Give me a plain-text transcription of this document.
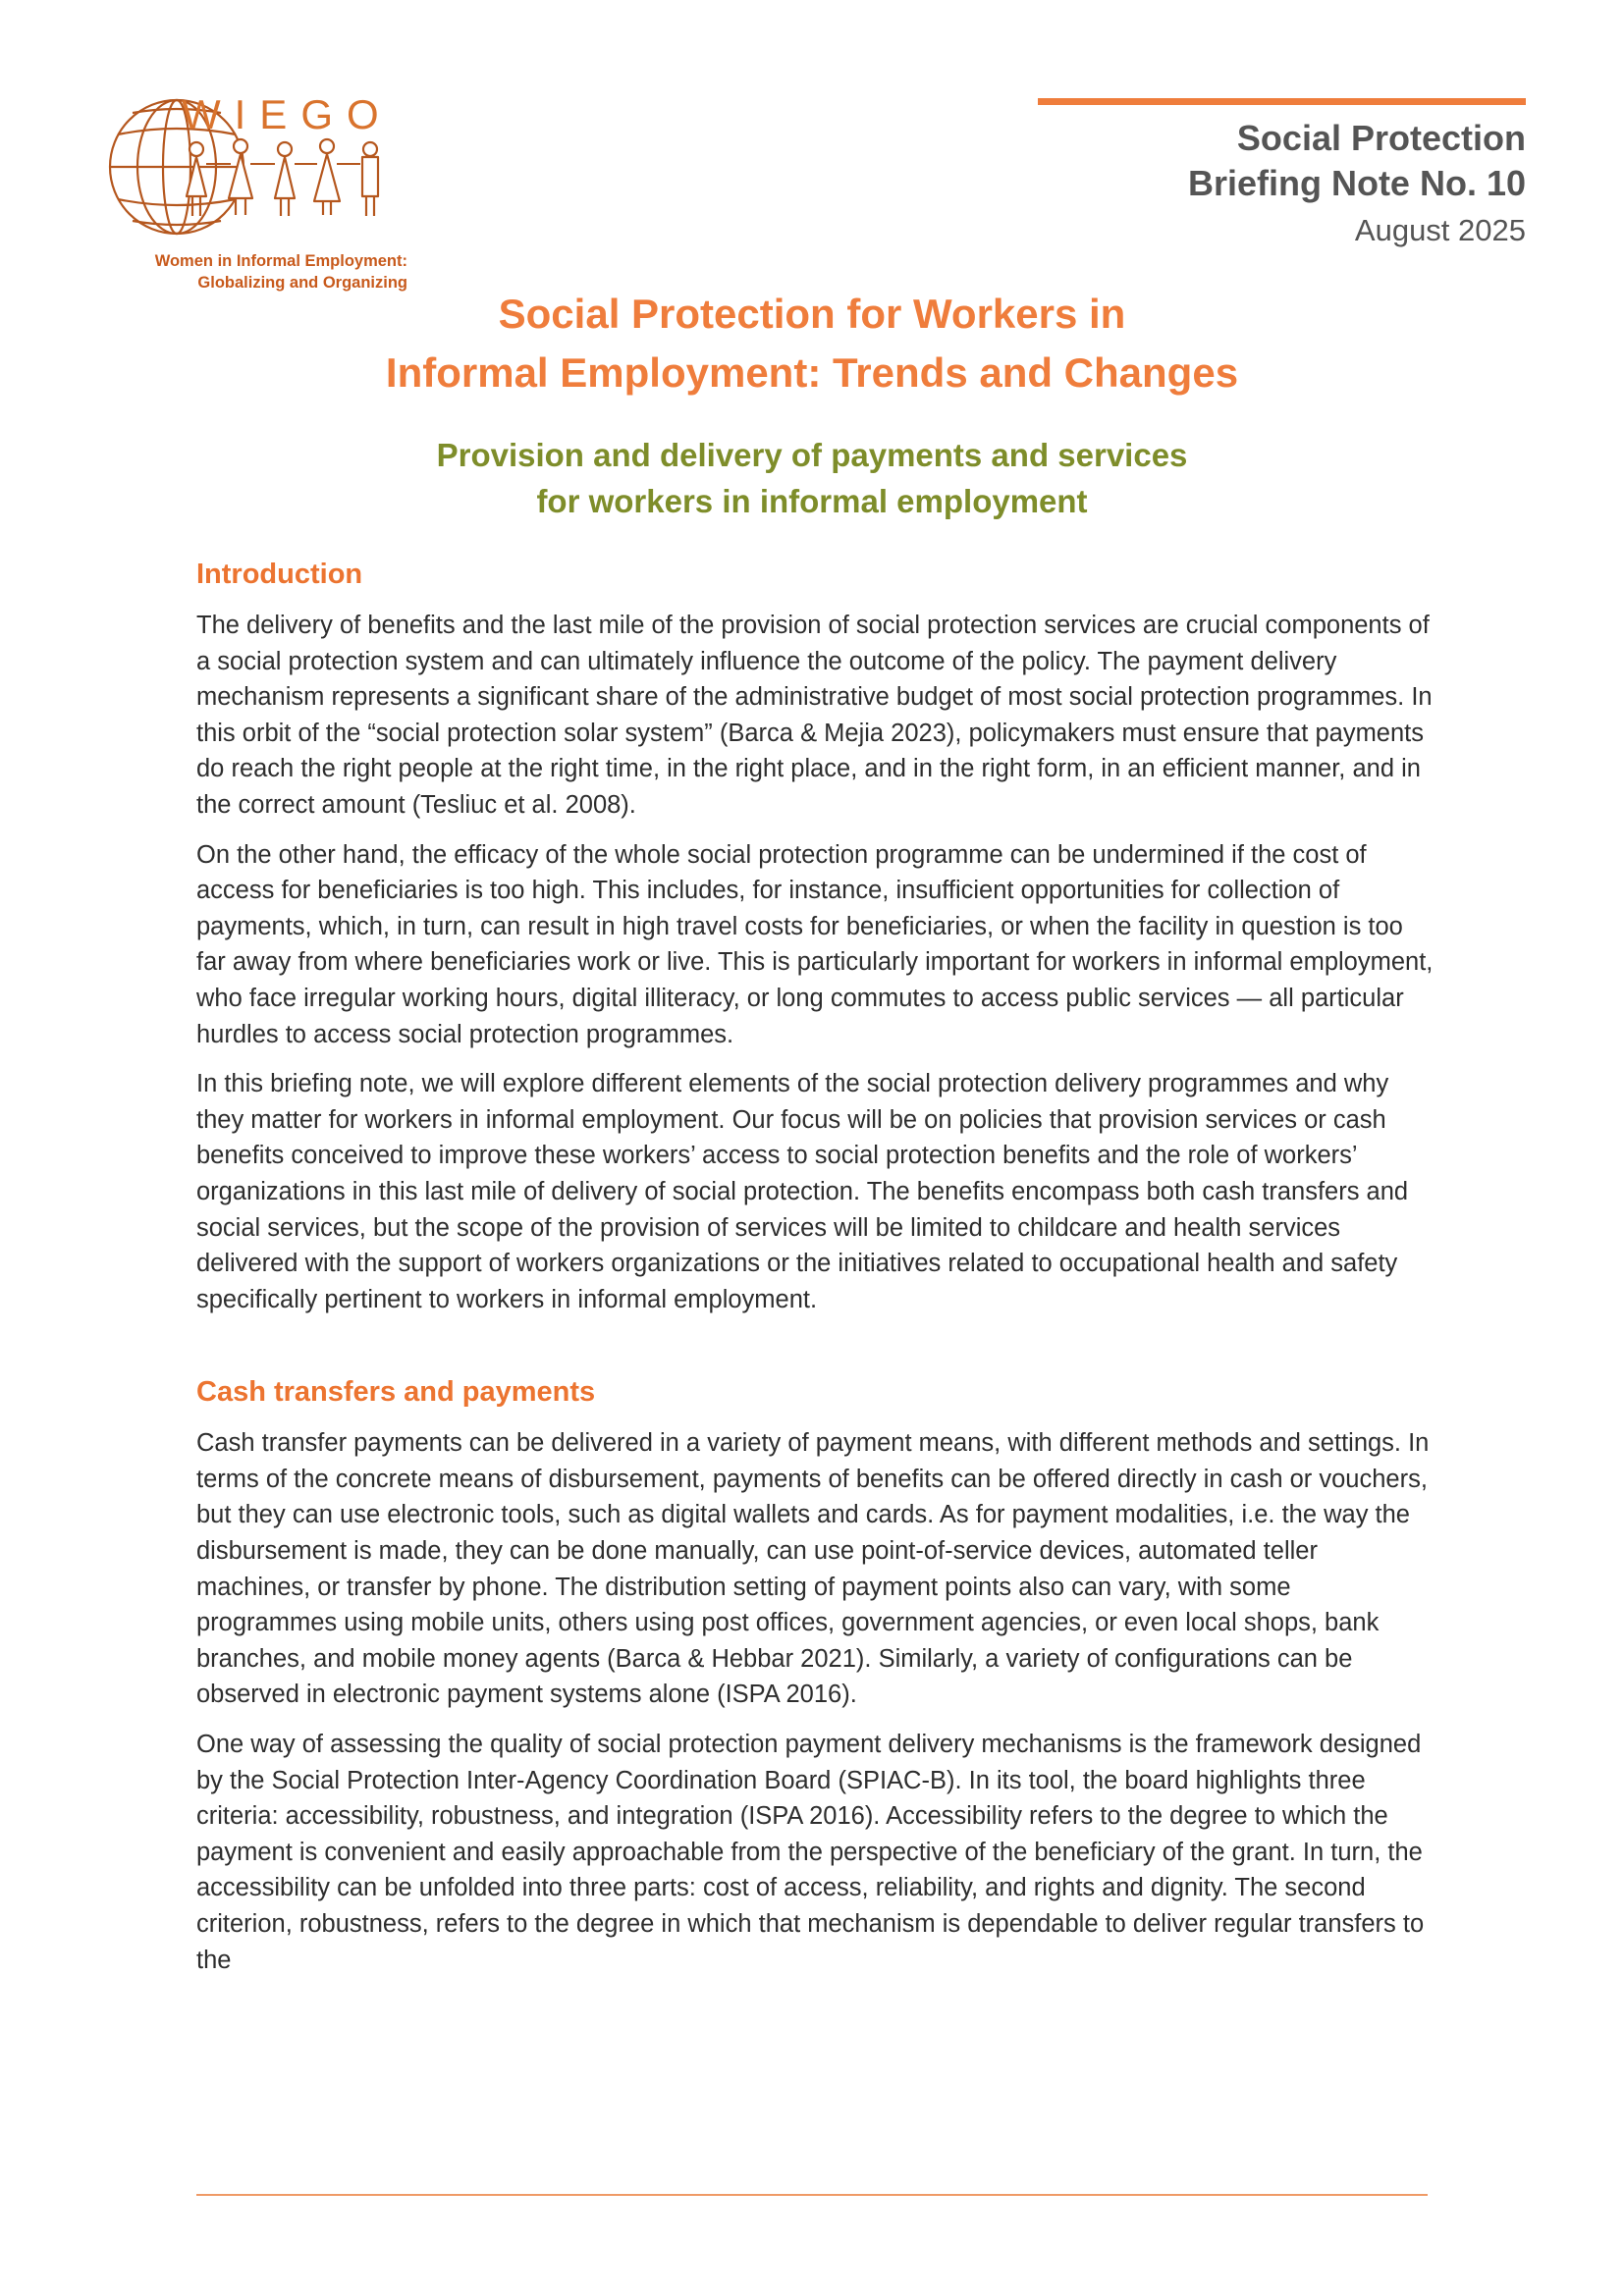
WIEGO
Women in Informal Employment:
Globalizing and Organizing
Social Protection
Briefing Note No. 10
August 2025
Social Protection for Workers in
Informal Employment: Trends and Changes
Provision and delivery of payments and services
for workers in informal employment
Introduction

The delivery of benefits and the last mile of the provision of social protection services are crucial components of a social protection system and can ultimately influence the outcome of the policy. The payment delivery mechanism represents a significant share of the administrative budget of most social protection programmes. In this orbit of the “social protection solar system” (Barca & Mejia 2023), policymakers must ensure that payments do reach the right people at the right time, in the right place, and in the right form, in an efficient manner, and in the correct amount (Tesliuc et al. 2008).

On the other hand, the efficacy of the whole social protection programme can be undermined if the cost of access for beneficiaries is too high. This includes, for instance, insufficient opportunities for collection of payments, which, in turn, can result in high travel costs for beneficiaries, or when the facility in question is too far away from where beneficiaries work or live. This is particularly important for workers in informal employment, who face irregular working hours, digital illiteracy, or long commutes to access public services — all particular hurdles to access social protection programmes.

In this briefing note, we will explore different elements of the social protection delivery programmes and why they matter for workers in informal employment. Our focus will be on policies that provision services or cash benefits conceived to improve these workers’ access to social protection benefits and the role of workers’ organizations in this last mile of delivery of social protection. The benefits encompass both cash transfers and social services, but the scope of the provision of services will be limited to childcare and health services delivered with the support of workers organizations or the initiatives related to occupational health and safety specifically pertinent to workers in informal employment.

Cash transfers and payments

Cash transfer payments can be delivered in a variety of payment means, with different methods and settings. In terms of the concrete means of disbursement, payments of benefits can be offered directly in cash or vouchers, but they can use electronic tools, such as digital wallets and cards. As for payment modalities, i.e. the way the disbursement is made, they can be done manually, can use point-of-service devices, automated teller machines, or transfer by phone. The distribution setting of payment points also can vary, with some programmes using mobile units, others using post offices, government agencies, or even local shops, bank branches, and mobile money agents (Barca & Hebbar 2021). Similarly, a variety of configurations can be observed in electronic payment systems alone (ISPA 2016).

One way of assessing the quality of social protection payment delivery mechanisms is the framework designed by the Social Protection Inter-Agency Coordination Board (SPIAC-B). In its tool, the board highlights three criteria: accessibility, robustness, and integration (ISPA 2016). Accessibility refers to the degree to which the payment is convenient and easily approachable from the perspective of the beneficiary of the grant. In turn, the accessibility can be unfolded into three parts: cost of access, reliability, and rights and dignity. The second criterion, robustness, refers to the degree in which that mechanism is dependable to deliver regular transfers to the
